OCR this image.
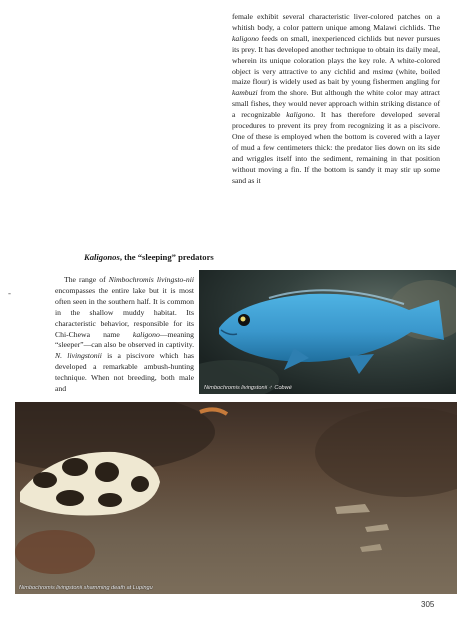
female exhibit several characteristic liver-colored patches on a whitish body, a color pattern unique among Malawi cichlids. The kaligono feeds on small, inexperienced cichlids but never pursues its prey. It has developed another technique to obtain its daily meal, wherein its unique coloration plays the key role. A white-colored object is very attractive to any cichlid and msima (white, boiled maize flour) is widely used as bait by young fishermen angling for kambuzi from the shore. But although the white color may attract small fishes, they would never approach within striking distance of a recognizable kaligono. It has therefore developed several procedures to prevent its prey from recognizing it as a piscivore. One of these is employed when the bottom is covered with a layer of mud a few centimeters thick: the predator lies down on its side and wriggles itself into the sediment, remaining in that position without moving a fin. If the bottom is sandy it may stir up some sand as it

Kaligonos, the “sleeping” predators
-

The range of Nimbochromis livingsto-nii encompasses the entire lake but it is most often seen in the southern half. It is common in the shallow muddy habitat. Its characteristic behavior, responsible for its Chi-Chewa name kaligono—meaning “sleeper”—can also be observed in captivity. N. livingstonii is a piscivore which has developed a remarkable ambush-hunting technique. When not breeding, both male and	Nimbochromis livingstonii ♂ Cobwé
Nimbochromis livingstonii shamming death at Lupingu
305
